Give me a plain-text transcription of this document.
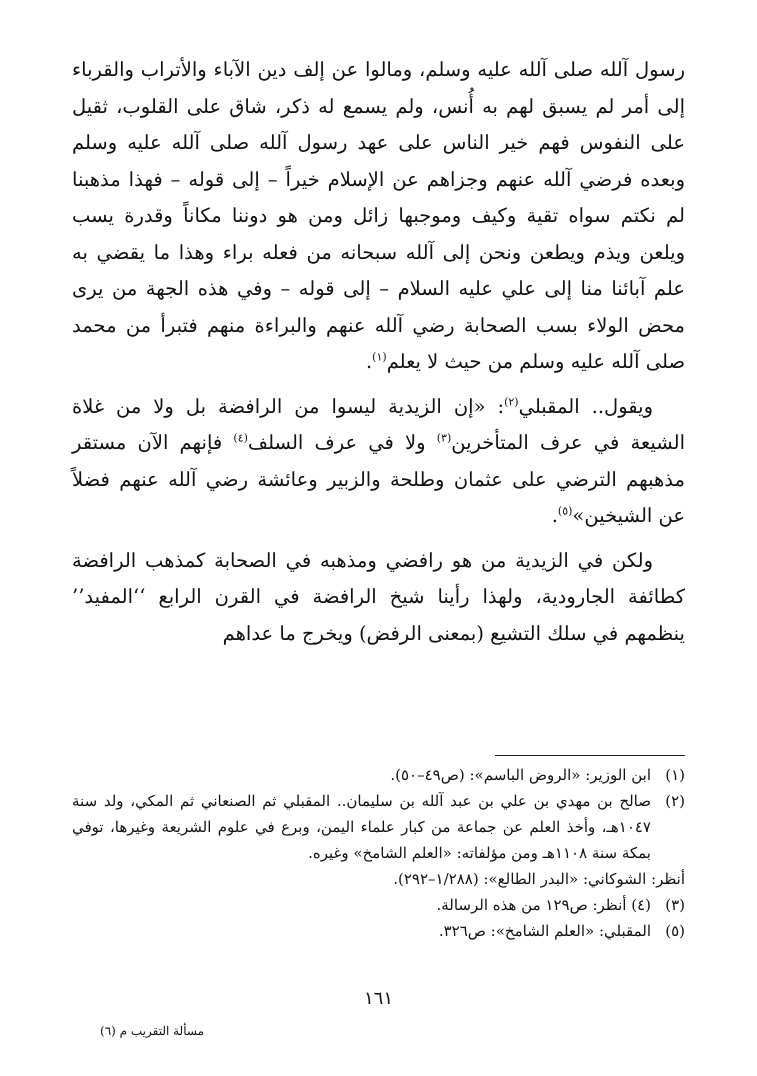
رسول آلله صلى آلله عليه وسلم، ومالوا عن إلف دين الآباء والأتراب والقرباء إلى أمر لم يسبق لهم به أُنس، ولم يسمع له ذكر، شاق على القلوب، ثقيل على النفوس فهم خير الناس على عهد رسول آلله صلى آلله عليه وسلم وبعده فرضي آلله عنهم وجزاهم عن الإسلام خيراً – إلى قوله – فهذا مذهبنا لم نكتم سواه تقية وكيف وموجبها زائل ومن هو دوننا مكاناً وقدرة يسب ويلعن ويذم ويطعن ونحن إلى آلله سبحانه من فعله براء وهذا ما يقضي به علم آبائنا منا إلى علي عليه السلام – إلى قوله – وفي هذه الجهة من يرى محض الولاء بسب الصحابة رضي آلله عنهم والبراءة منهم فتبرأ من محمد صلى آلله عليه وسلم من حيث لا يعلم$^{(١)}$.

ويقول.. المقبلي$^{(٢)}$: «إن الزيدية ليسوا من الرافضة بل ولا من غلاة الشيعة في عرف المتأخرين$^{(٣)}$ ولا في عرف السلف$^{(٤)}$ فإنهم الآن مستقر مذهبهم الترضي على عثمان وطلحة والزبير وعائشة رضي آلله عنهم فضلاً عن الشيخين»$^{(٥)}$.

ولكن في الزيدية من هو رافضي ومذهبه في الصحابة كمذهب الرافضة كطائفة الجارودية، ولهذا رأينا شيخ الرافضة في القرن الرابع ‘‘المفيد’’ ينظمهم في سلك التشيع (بمعنى الرفض) ويخرج ما عداهم

(١)
ابن الوزير: «الروض الباسم»: (ص٤٩–٥٠).
(٢)
صالح بن مهدي بن علي بن عبد آلله بن سليمان.. المقبلي ثم الصنعاني ثم المكي، ولد سنة ١٠٤٧هـ، وأخذ العلم عن جماعة من كبار علماء اليمن، وبرع في علوم الشريعة وغيرها، توفي بمكة سنة ١١٠٨هـ ومن مؤلفاته: «العلم الشامخ» وغيره.
أنظر: الشوكاني: «البدر الطالع»: (١/٢٨٨–٢٩٢).
(٣)
(٤) أنظر: ص١٢٩ من هذه الرسالة.
(٥)
المقبلي: «العلم الشامخ»: ص٣٢٦.
١٦١
مسألة التقريب م (٦)
